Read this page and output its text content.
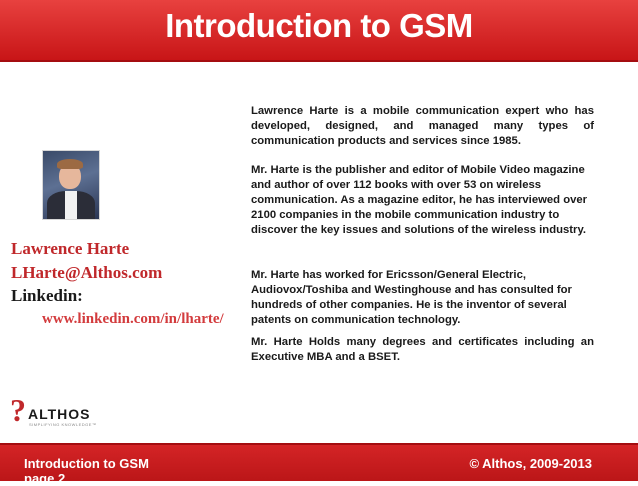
Introduction to GSM
Lawrence Harte
LHarte@Althos.com
Linkedin:
www.linkedin.com/in/lharte/
Lawrence Harte is a mobile communication expert who has developed, designed, and managed many types of communication products and services since 1985.
Mr. Harte is the publisher and editor of Mobile Video magazine and author of over 112 books with over 53 on wireless communication. As a magazine editor, he has interviewed over 2100 companies in the mobile communication industry to discover the key issues and solutions of the wireless industry.
Mr. Harte has worked for Ericsson/General Electric, Audiovox/Toshiba and Westinghouse and has consulted for hundreds of other companies. He is the inventor of several patents on communication technology.
Mr. Harte Holds many degrees and certificates including an Executive MBA and a BSET.
? ALTHOS
SIMPLIFYING KNOWLEDGE™
Introduction to GSM
page 2
© Althos, 2009-2013
